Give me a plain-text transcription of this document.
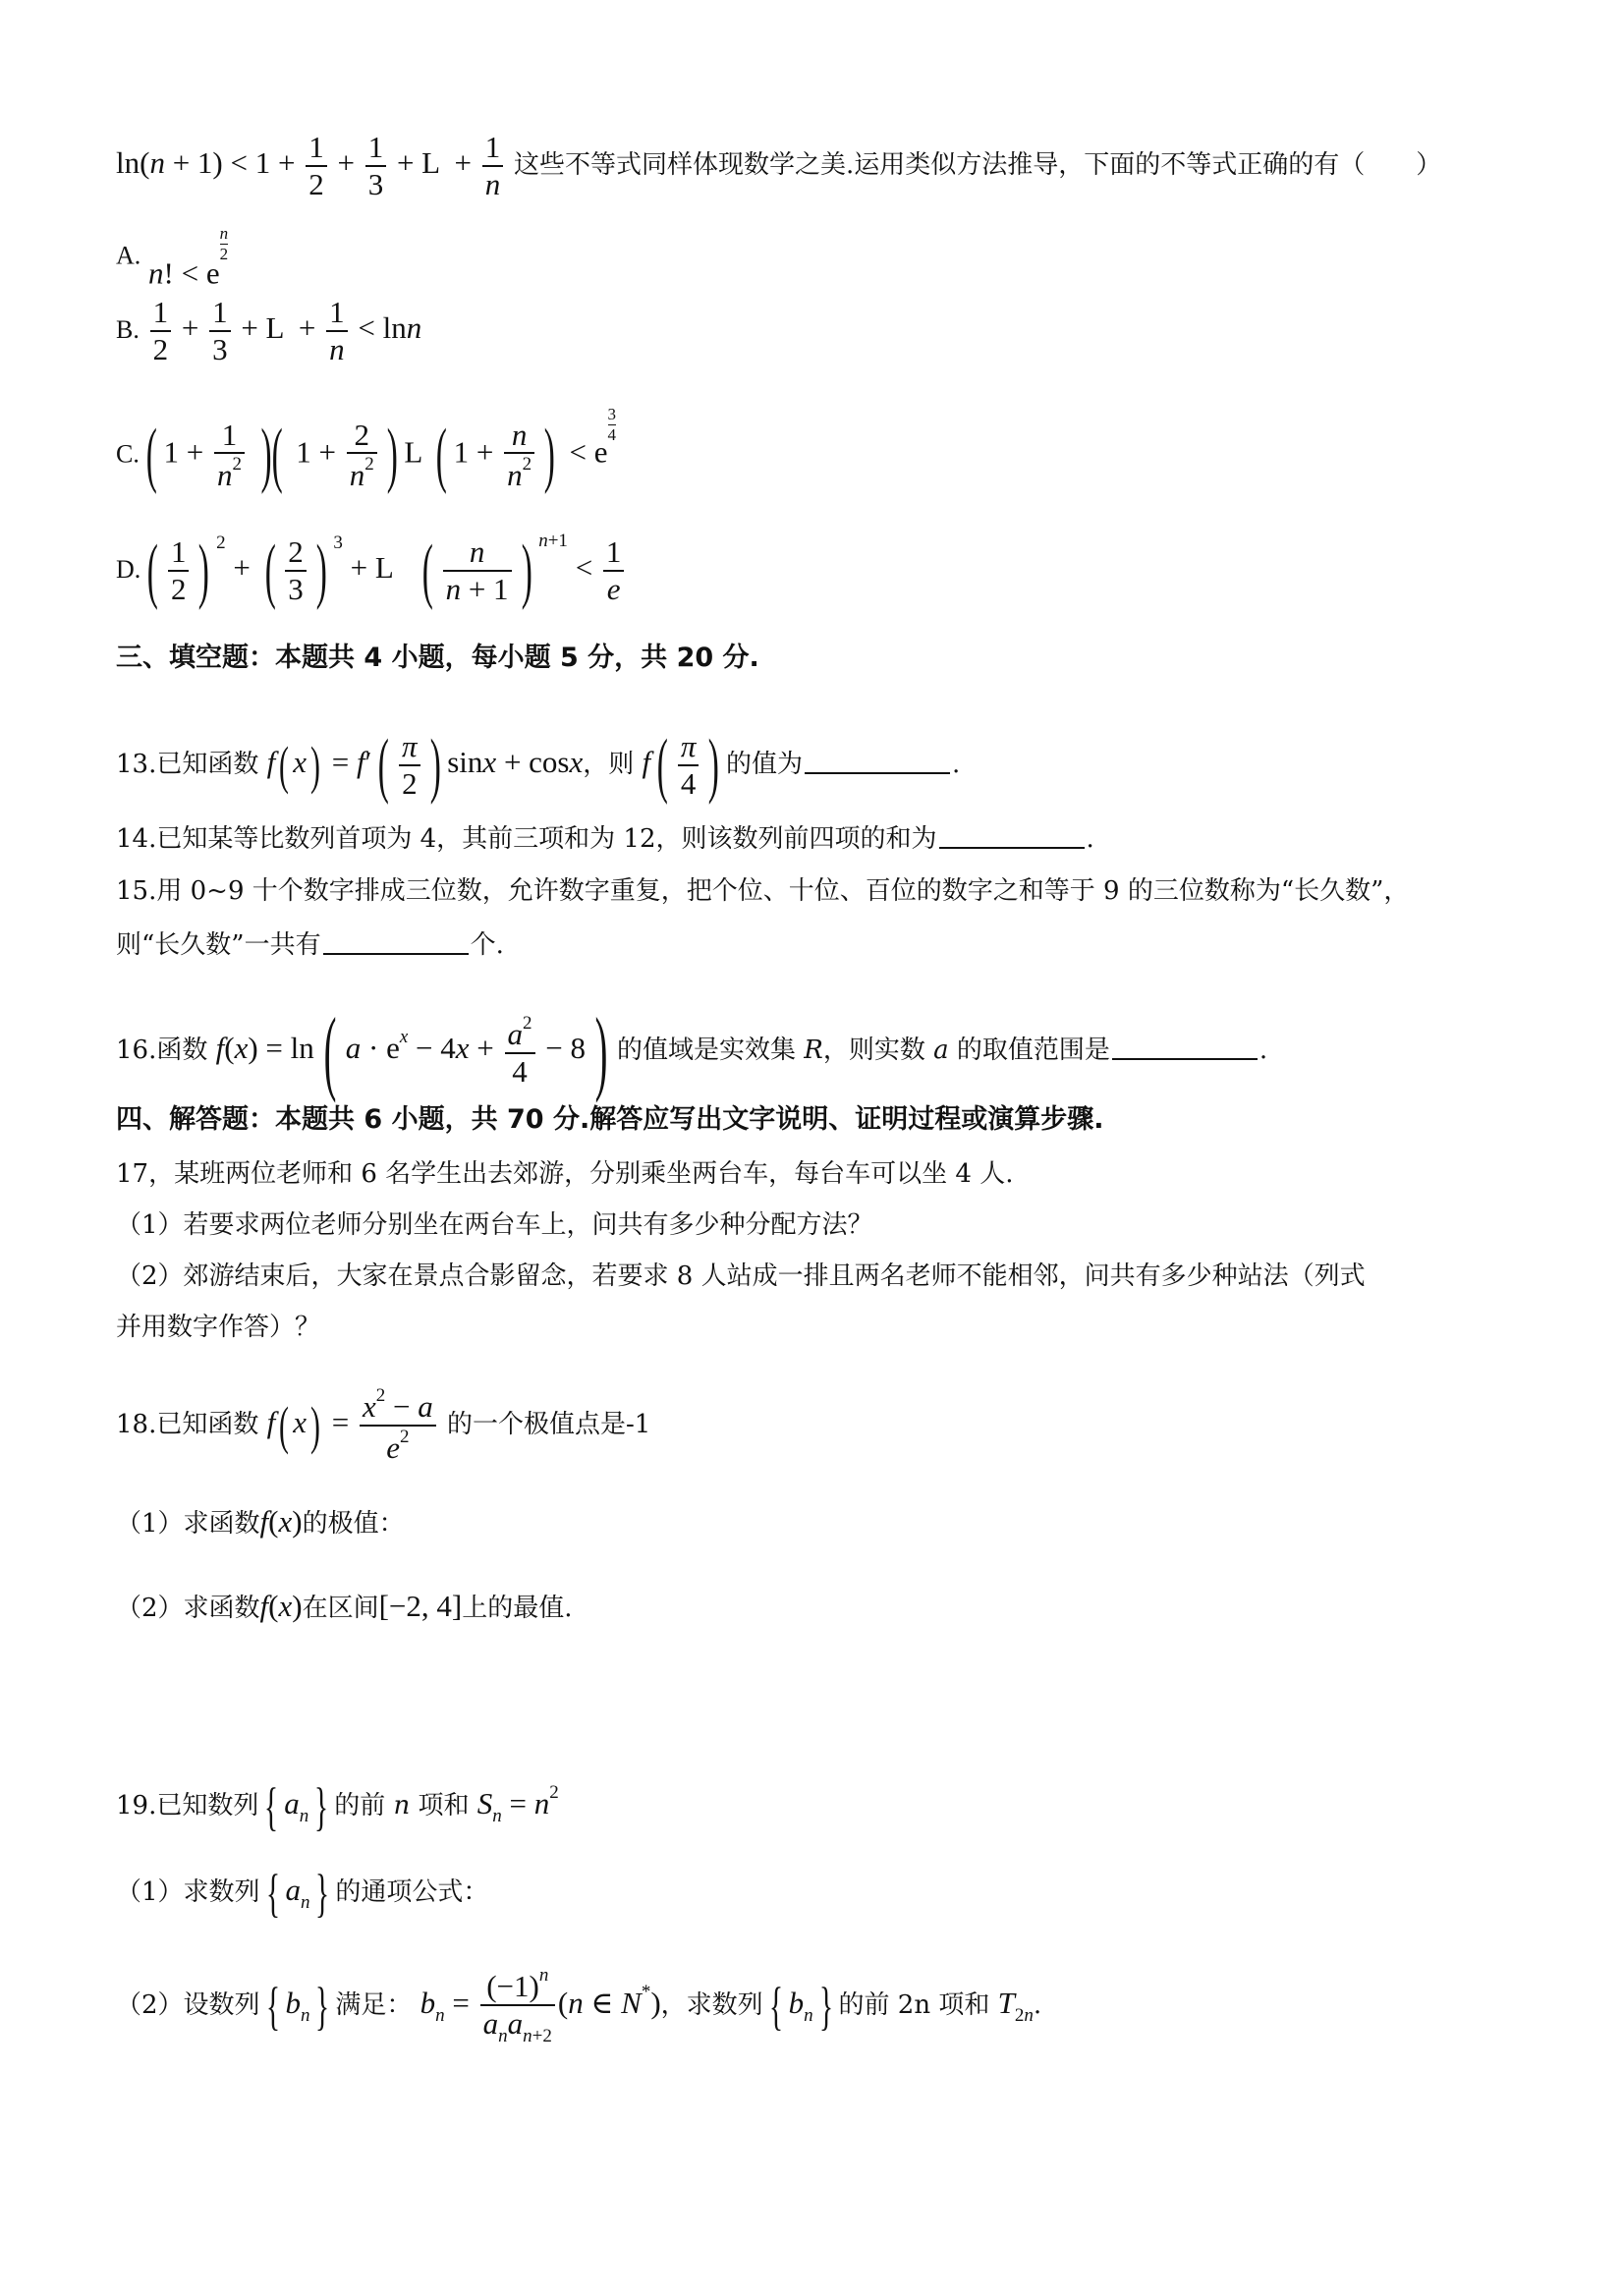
$\ln(n + 1) < 1 + \frac{1}{2} + \frac{1}{3} + L + \frac{1}{n}$ 这些不等式同样体现数学之美.运用类似方法推导，下面的不等式正确的有（　　）
$^{A.}$ n! < e
$\frac{n}{2}$
B. $\frac{1}{2} + \frac{1}{3} + L + \frac{1}{n} < \ln n$
C.( $1 + \frac{1}{n^2}$ )( $1 + \frac{2}{n^2}$ ) L ( $1 + \frac{n}{n^2}$ ) < e
$\frac{3}{4}$
$D.( \frac{1}{2}$ ) $^2$ + ( $\frac{2}{3}$ ) $^3$ + L   ( $\frac{n}{n + 1}$ ) $^{n+1} < \frac{1}{e}$
三、填空题：本题共 4 小题，每小题 5 分，共 20 分.
13.已知函数 f( $x) = f'( \frac{\pi}{2}$ ) sinx + cosx，则 $f( \frac{\pi}{4}$ ) 的值为	.
14.已知某等比数列首项为 4，其前三项和为 12，则该数列前四项的和为	.
15.用 0~9 十个数字排成三位数，允许数字重复，把个位、十位、百位的数字之和等于 9 的三位数称为“长久数”，
则“长久数”一共有	个.
16.函数 f(x) = ln( $a \cdot e^x - 4x + \frac{a^2}{4} - 8$) 的值域是实效集 R，则实数 a 的取值范围是	.
四、解答题：本题共 6 小题，共 70 分.解答应写出文字说明、证明过程或演算步骤.
17，某班两位老师和 6 名学生出去郊游，分别乘坐两台车，每台车可以坐 4 人.
（1）若要求两位老师分别坐在两台车上，问共有多少种分配方法？
（2）郊游结束后，大家在景点合影留念，若要求 8 人站成一排且两名老师不能相邻，问共有多少种站法（列式
并用数字作答）？
18.已知函数 f( $x) = \frac{x^2 - a}{e^2}$ 的一个极值点是-1
（1）求函数f(x)的极值：
（2）求函数f(x)在区间[−2, 4]上的最值.
19.已知数列 { $a_n$ } 的前 n 项和 $S_n = n^2$
（1）求数列 { $a_n$ } 的通项公式：
（2）设数列 { $b_n$ } 满足： $b_n = \frac{(-1)^n}{a_na_{n+2}} (n$ ∈ N*)，求数列 { $b_n$ } 的前 2n 项和 $T_{2n}$.
